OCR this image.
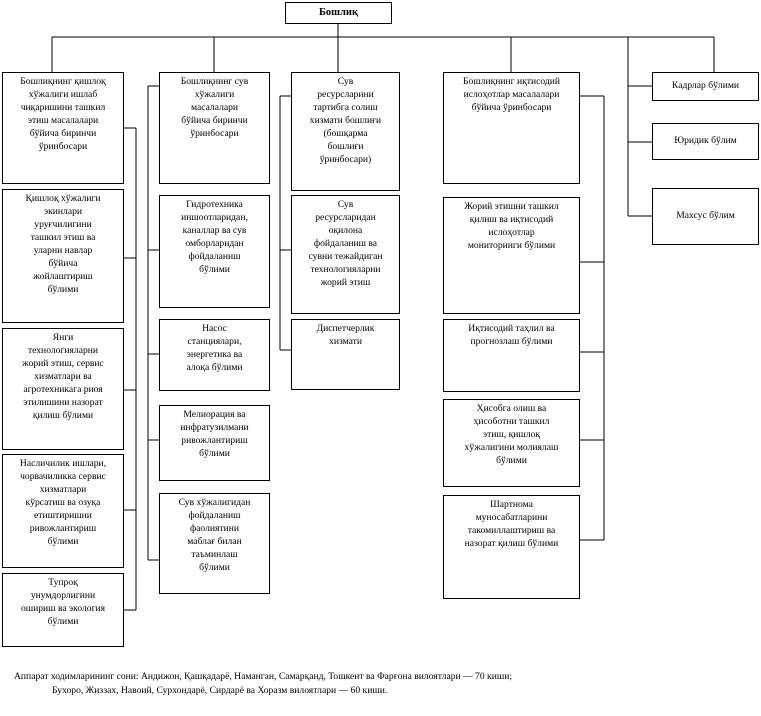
Бошлиқ
Бошлиқнинг қишлоқ
хўжалиги ишлаб
чиқаришини ташкил
этиш масалалари
бўйича биринчи
ўринбосари
Қишлоқ хўжалиги
экинлари
уруғчилигини
ташкил этиш ва
уларни навлар
бўйича
жойлаштириш
бўлими
Янги
технологияларни
жорий этиш, сервис
хизматлари ва
агротехникага риоя
этилишини назорат
қилиш бўлими
Насличилик ишлари,
чорвачиликка сервис
хизматлари
кўрсатиш ва озуқа
етиштиришни
ривожлантириш
бўлими
Тупроқ
унумдорлигини
ошириш ва экология
бўлими
Бошлиқнинг сув
хўжалиги
масалалари
бўйича биринчи
ўринбосари
Гидротехника
иншоотларидан,
каналлар ва сув
омборларидан
фойдаланиш
бўлими
Насос
станциялари,
энергетика ва
алоқа бўлими
Мелиорация ва
инфратузилмани
ривожлантириш
бўлими
Сув хўжалигидан
фойдаланиш
фаолиятини
маблағ билан
таъминлаш
бўлими
Сув
ресурсларини
тартибга солиш
хизмати бошлиғи
(бошқарма
бошлиғи
ўринбосари)
Сув
ресурсларидан
оқилона
фойдаланиш ва
сувни тежайдиган
технологияларни
жорий этиш
Диспетчерлик
хизмати
Бошлиқнинг иқтисодий
ислоҳотлар масалалари
бўйича ўринбосари
Жорий этишни ташкил
қилиш ва иқтисодий
ислоҳотлар
мониторинги бўлими
Иқтисодий таҳлил ва
прогнозлаш бўлими
Ҳисобга олиш ва
ҳисоботни ташкил
этиш, қишлоқ
хўжалигини молиялаш
бўлими
Шартнома
муносабатларини
такомиллаштириш ва
назорат қилиш бўлими
Кадрлар бўлими
Юридик бўлим
Махсус бўлим
Аппарат ходимларининг сони: Андижон, Қашқадарё, Наманган, Самарқанд, Тошкент ва Фарғона вилоятлари — 70 киши;
Бухоро, Жиззах, Навоий, Сурхондарё, Сирдарё ва Хоразм вилоятлари — 60 киши.
